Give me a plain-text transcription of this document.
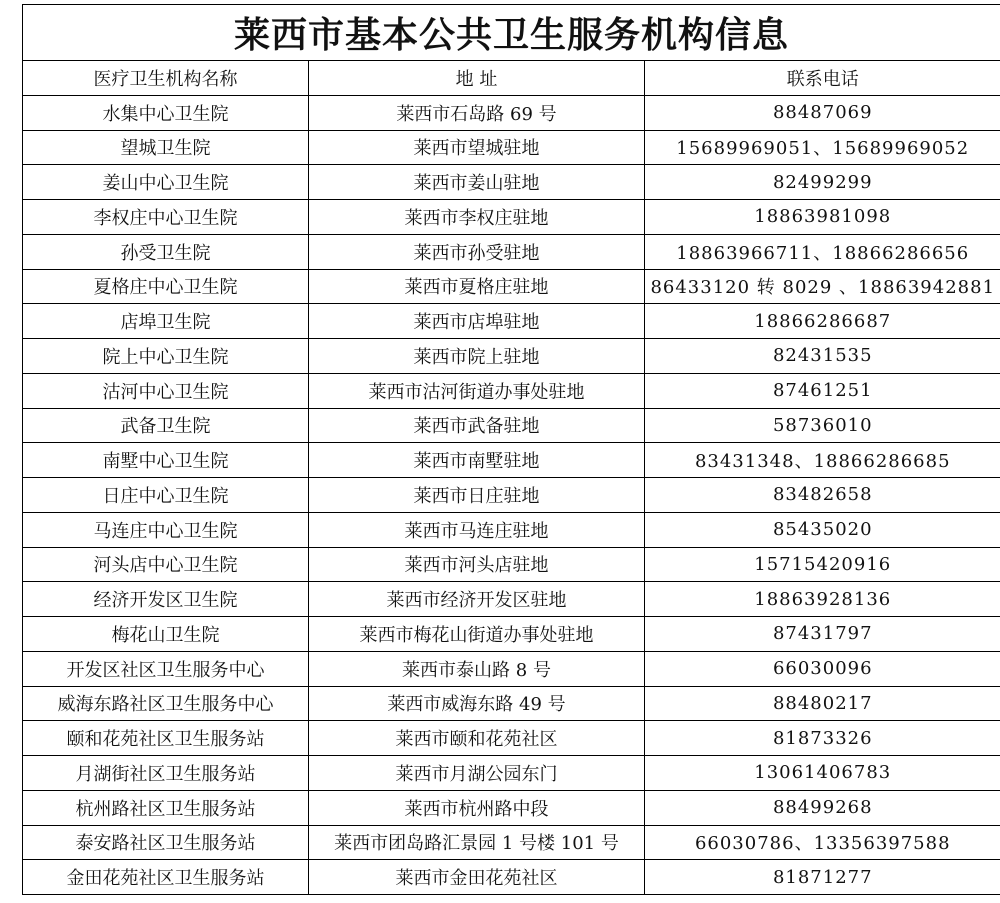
莱西市基本公共卫生服务机构信息
医疗卫生机构名称	地 址	联系电话
水集中心卫生院	莱西市石岛路 69 号	88487069
望城卫生院	莱西市望城驻地	15689969051、15689969052
姜山中心卫生院	莱西市姜山驻地	82499299
李权庄中心卫生院	莱西市李权庄驻地	18863981098
孙受卫生院	莱西市孙受驻地	18863966711、18866286656
夏格庄中心卫生院	莱西市夏格庄驻地	86433120 转 8029 、18863942881
店埠卫生院	莱西市店埠驻地	18866286687
院上中心卫生院	莱西市院上驻地	82431535
沽河中心卫生院	莱西市沽河街道办事处驻地	87461251
武备卫生院	莱西市武备驻地	58736010
南墅中心卫生院	莱西市南墅驻地	83431348、18866286685
日庄中心卫生院	莱西市日庄驻地	83482658
马连庄中心卫生院	莱西市马连庄驻地	85435020
河头店中心卫生院	莱西市河头店驻地	15715420916
经济开发区卫生院	莱西市经济开发区驻地	18863928136
梅花山卫生院	莱西市梅花山街道办事处驻地	87431797
开发区社区卫生服务中心	莱西市泰山路 8 号	66030096
威海东路社区卫生服务中心	莱西市威海东路 49 号	88480217
颐和花苑社区卫生服务站	莱西市颐和花苑社区	81873326
月湖街社区卫生服务站	莱西市月湖公园东门	13061406783
杭州路社区卫生服务站	莱西市杭州路中段	88499268
泰安路社区卫生服务站	莱西市团岛路汇景园 1 号楼 101 号	66030786、13356397588
金田花苑社区卫生服务站	莱西市金田花苑社区	81871277
